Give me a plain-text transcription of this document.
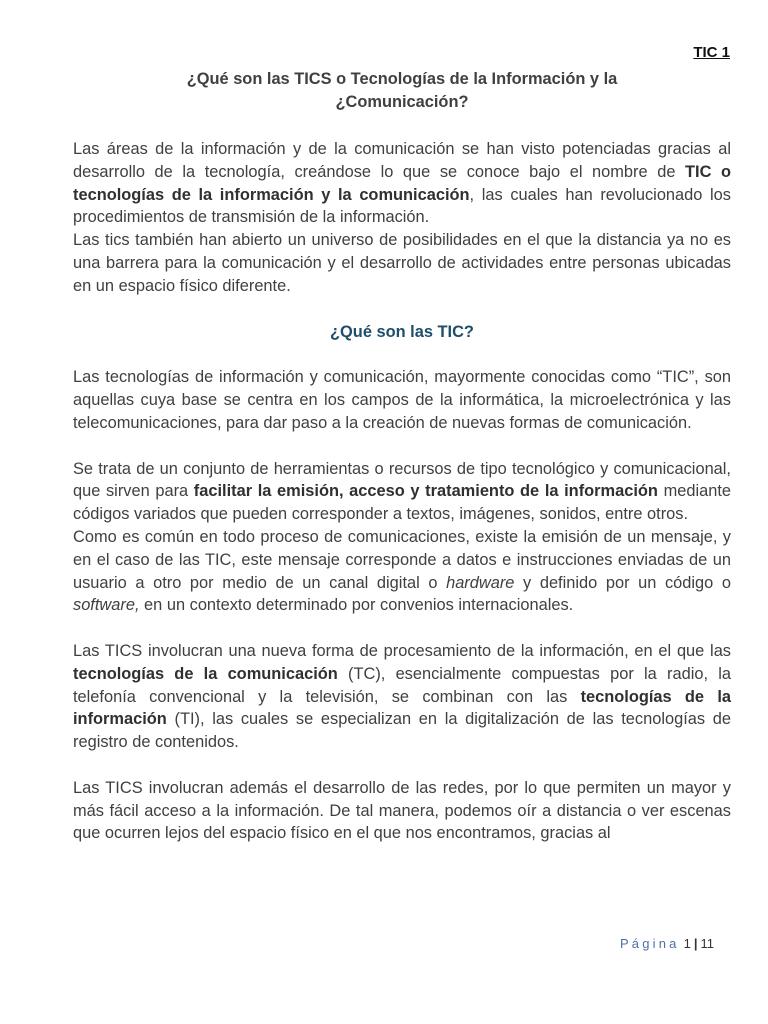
TIC 1
¿Qué son las TICS o Tecnologías de la Información y la
¿Comunicación?

Las áreas de la información y de la comunicación se han visto potenciadas gracias al desarrollo de la tecnología, creándose lo que se conoce bajo el nombre de TIC o tecnologías de la información y la comunicación, las cuales han revolucionado los procedimientos de transmisión de la información.

Las tics también han abierto un universo de posibilidades en el que la distancia ya no es una barrera para la comunicación y el desarrollo de actividades entre personas ubicadas en un espacio físico diferente.

¿Qué son las TIC?

Las tecnologías de información y comunicación, mayormente conocidas como “TIC”, son aquellas cuya base se centra en los campos de la informática, la microelectrónica y las telecomunicaciones, para dar paso a la creación de nuevas formas de comunicación.

Se trata de un conjunto de herramientas o recursos de tipo tecnológico y comunicacional, que sirven para facilitar la emisión, acceso y tratamiento de la información mediante códigos variados que pueden corresponder a textos, imágenes, sonidos, entre otros.

Como es común en todo proceso de comunicaciones, existe la emisión de un mensaje, y en el caso de las TIC, este mensaje corresponde a datos e instrucciones enviadas de un usuario a otro por medio de un canal digital o hardware y definido por un código o software, en un contexto determinado por convenios internacionales.

Las TICS involucran una nueva forma de procesamiento de la información, en el que las tecnologías de la comunicación (TC), esencialmente compuestas por la radio, la telefonía convencional y la televisión, se combinan con las tecnologías de la información (TI), las cuales se especializan en la digitalización de las tecnologías de registro de contenidos.

Las TICS involucran además el desarrollo de las redes, por lo que permiten un mayor y más fácil acceso a la información. De tal manera, podemos oír a distancia o ver escenas que ocurren lejos del espacio físico en el que nos encontramos, gracias al

Página 1 | 11
